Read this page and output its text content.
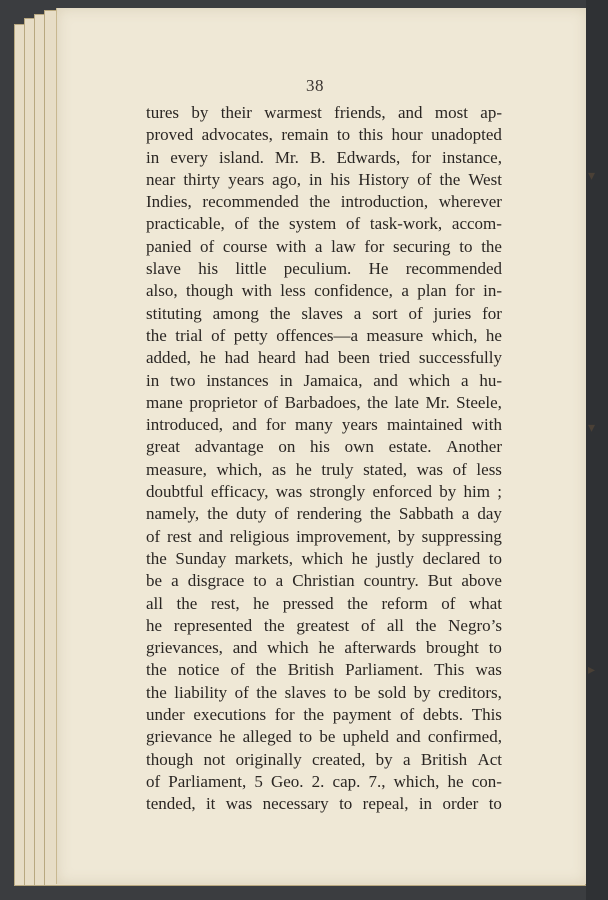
38
tures by their warmest friends, and most ap-
proved advocates, remain to this hour unadopted
in every island. Mr. B. Edwards, for instance,
near thirty years ago, in his History of the West
Indies, recommended the introduction, wherever
practicable, of the system of task-work, accom-
panied of course with a law for securing to the
slave his little peculium. He recommended
also, though with less confidence, a plan for in-
stituting among the slaves a sort of juries for
the trial of petty offences—a measure which, he
added, he had heard had been tried successfully
in two instances in Jamaica, and which a hu-
mane proprietor of Barbadoes, the late Mr. Steele,
introduced, and for many years maintained with
great advantage on his own estate. Another
measure, which, as he truly stated, was of less
doubtful efficacy, was strongly enforced by him ;
namely, the duty of rendering the Sabbath a day
of rest and religious improvement, by suppressing
the Sunday markets, which he justly declared to
be a disgrace to a Christian country. But above
all the rest, he pressed the reform of what
he represented the greatest of all the Negro’s
grievances, and which he afterwards brought to
the notice of the British Parliament. This was
the liability of the slaves to be sold by creditors,
under executions for the payment of debts. This
grievance he alleged to be upheld and confirmed,
though not originally created, by a British Act
of Parliament, 5 Geo. 2. cap. 7., which, he con-
tended, it was necessary to repeal, in order to
▾
▾
▸
